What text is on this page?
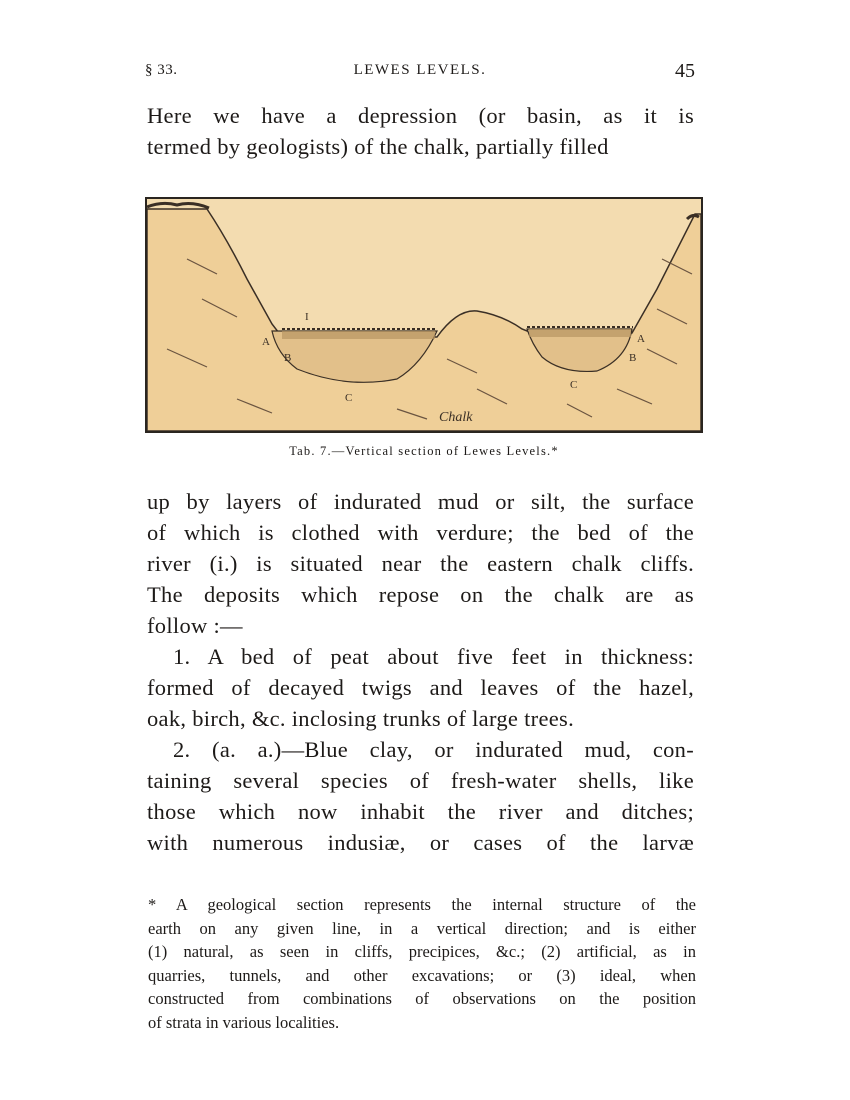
§ 33.	LEWES LEVELS.	45
Here we have a depression (or basin, as it is
termed by geologists) of the chalk, partially filled
I
A	A
B	B
C
C
Chalk
Tab. 7.—Vertical section of Lewes Levels.*
up by layers of indurated mud or silt, the surface
of which is clothed with verdure; the bed of the
river (i.) is situated near the eastern chalk cliffs.
The deposits which repose on the chalk are as
follow :—
1. A bed of peat about five feet in thickness:
formed of decayed twigs and leaves of the hazel,
oak, birch, &c. inclosing trunks of large trees.
2. (a. a.)—Blue clay, or indurated mud, con-
taining several species of fresh-water shells, like
those which now inhabit the river and ditches;
with numerous indusiæ, or cases of the larvæ
* A geological section represents the internal structure of the
earth on any given line, in a vertical direction; and is either
(1) natural, as seen in cliffs, precipices, &c.; (2) artificial, as in
quarries, tunnels, and other excavations; or (3) ideal, when
constructed from combinations of observations on the position
of strata in various localities.
